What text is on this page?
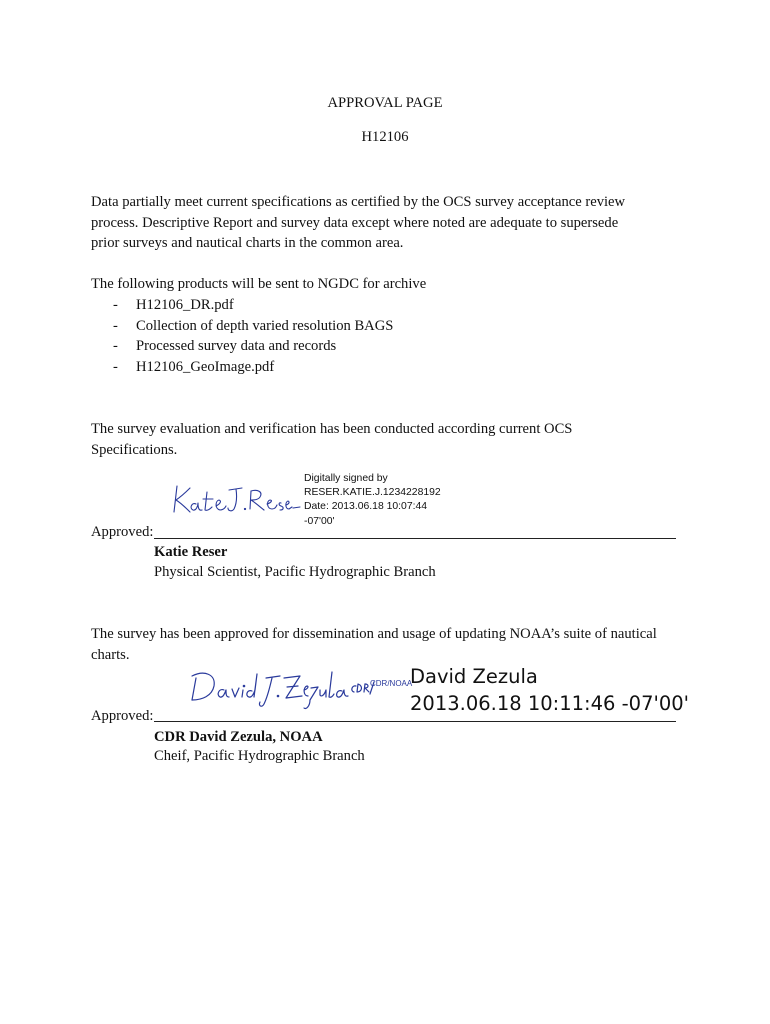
APPROVAL PAGE
H12106
Data partially meet current specifications as certified by the OCS survey acceptance review
process. Descriptive Report and survey data except where noted are adequate to supersede
prior surveys and nautical charts in the common area.
The following products will be sent to NGDC for archive
- H12106_DR.pdf
- Collection of depth varied resolution BAGS
- Processed survey data and records
- H12106_GeoImage.pdf
The survey evaluation and verification has been conducted according current OCS
Specifications.
Digitally signed by
RESER.KATIE.J.1234228192
Date: 2013.06.18 10:07:44
-07'00'
Approved:
Katie Reser
Physical Scientist, Pacific Hydrographic Branch
The survey has been approved for dissemination and usage of updating NOAA’s suite of nautical
charts.
CDR/NOAA
David Zezula
2013.06.18 10:11:46 -07'00'
Approved:
CDR David Zezula, NOAA
Cheif, Pacific Hydrographic Branch
